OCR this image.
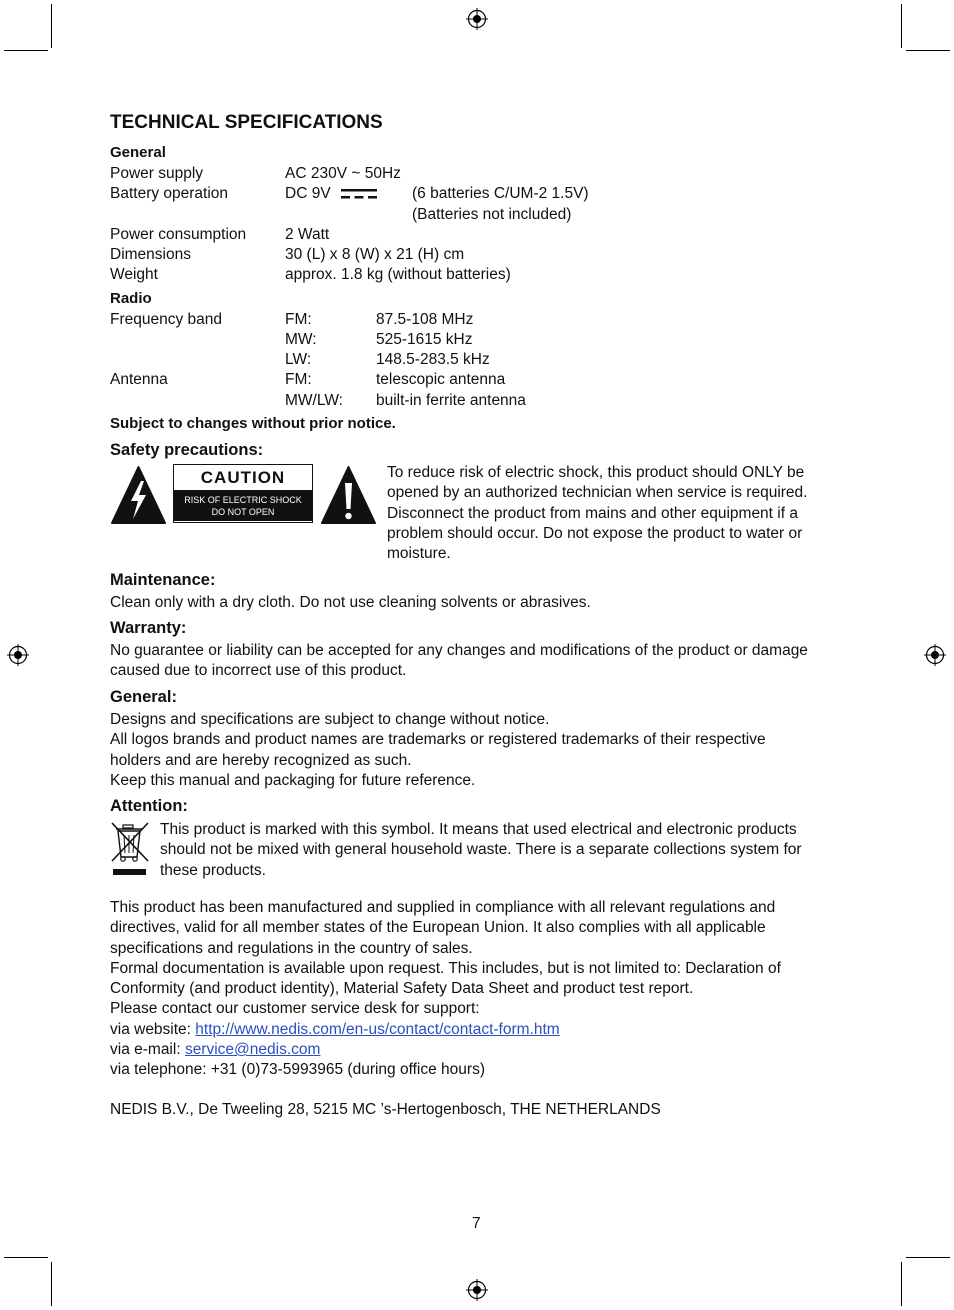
TECHNICAL SPECIFICATIONS
General
Power supply	AC 230V ~ 50Hz
Battery operation	DC 9V	(6 batteries C/UM-2 1.5V)
(Batteries not included)
Power consumption	2 Watt
Dimensions	30 (L) x 8 (W) x 21 (H) cm
Weight	approx. 1.8 kg (without batteries)
Radio
Frequency band	FM:	87.5-108 MHz
MW:	525-1615 kHz
LW:	148.5-283.5 kHz
Antenna	FM:	telescopic antenna
MW/LW: built-in ferrite antenna
Subject to changes without prior notice.
Safety precautions:
CAUTION
RISK OF ELECTRIC SHOCK
DO NOT OPEN

To reduce risk of electric shock, this product should ONLY be

opened by an authorized technician when service is required.

Disconnect the product from mains and other equipment if a

problem should occur. Do not expose the product to water or

moisture.

Maintenance:
Clean only with a dry cloth. Do not use cleaning solvents or abrasives.
Warranty:

No guarantee or liability can be accepted for any changes and modifications of the product or damage

caused due to incorrect use of this product.

General:

Designs and specifications are subject to change without notice.

All logos brands and product names are trademarks or registered trademarks of their respective

holders and are hereby recognized as such.

Keep this manual and packaging for future reference.

Attention:

This product is marked with this symbol. It means that used electrical and electronic products

should not be mixed with general household waste. There is a separate collections system for

these products.

This product has been manufactured and supplied in compliance with all relevant regulations and

directives, valid for all member states of the European Union. It also complies with all applicable

specifications and regulations in the country of sales.

Formal documentation is available upon request. This includes, but is not limited to: Declaration of

Conformity (and product identity), Material Safety Data Sheet and product test report.

Please contact our customer service desk for support:

via website: http://www.nedis.com/en-us/contact/contact-form.htm

via e-mail: service@nedis.com

via telephone: +31 (0)73-5993965 (during office hours)

NEDIS B.V., De Tweeling 28, 5215 MC ’s-Hertogenbosch, THE NETHERLANDS
7
